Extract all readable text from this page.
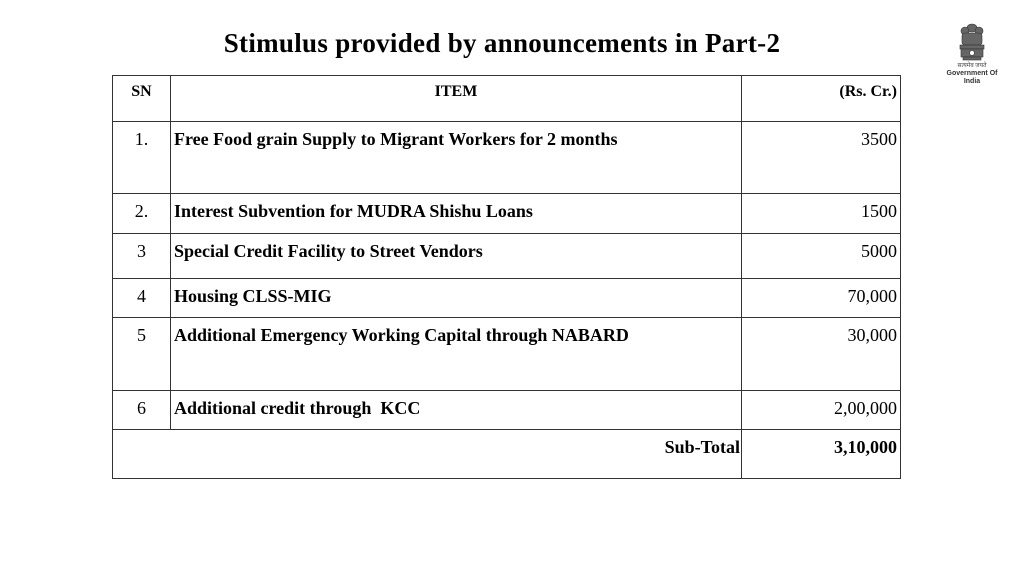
Stimulus provided by announcements in Part-2
सत्यमेव जयते
Government Of India
SN	ITEM	(Rs. Cr.)
1.	Free Food grain Supply to Migrant Workers for 2 months	3500
2.	Interest Subvention for MUDRA Shishu Loans	1500
3	Special Credit Facility to Street Vendors	5000
4	Housing CLSS-MIG	70,000
5	Additional Emergency Working Capital through NABARD	30,000
6	Additional credit through  KCC	2,00,000
Sub-Total		3,10,000
